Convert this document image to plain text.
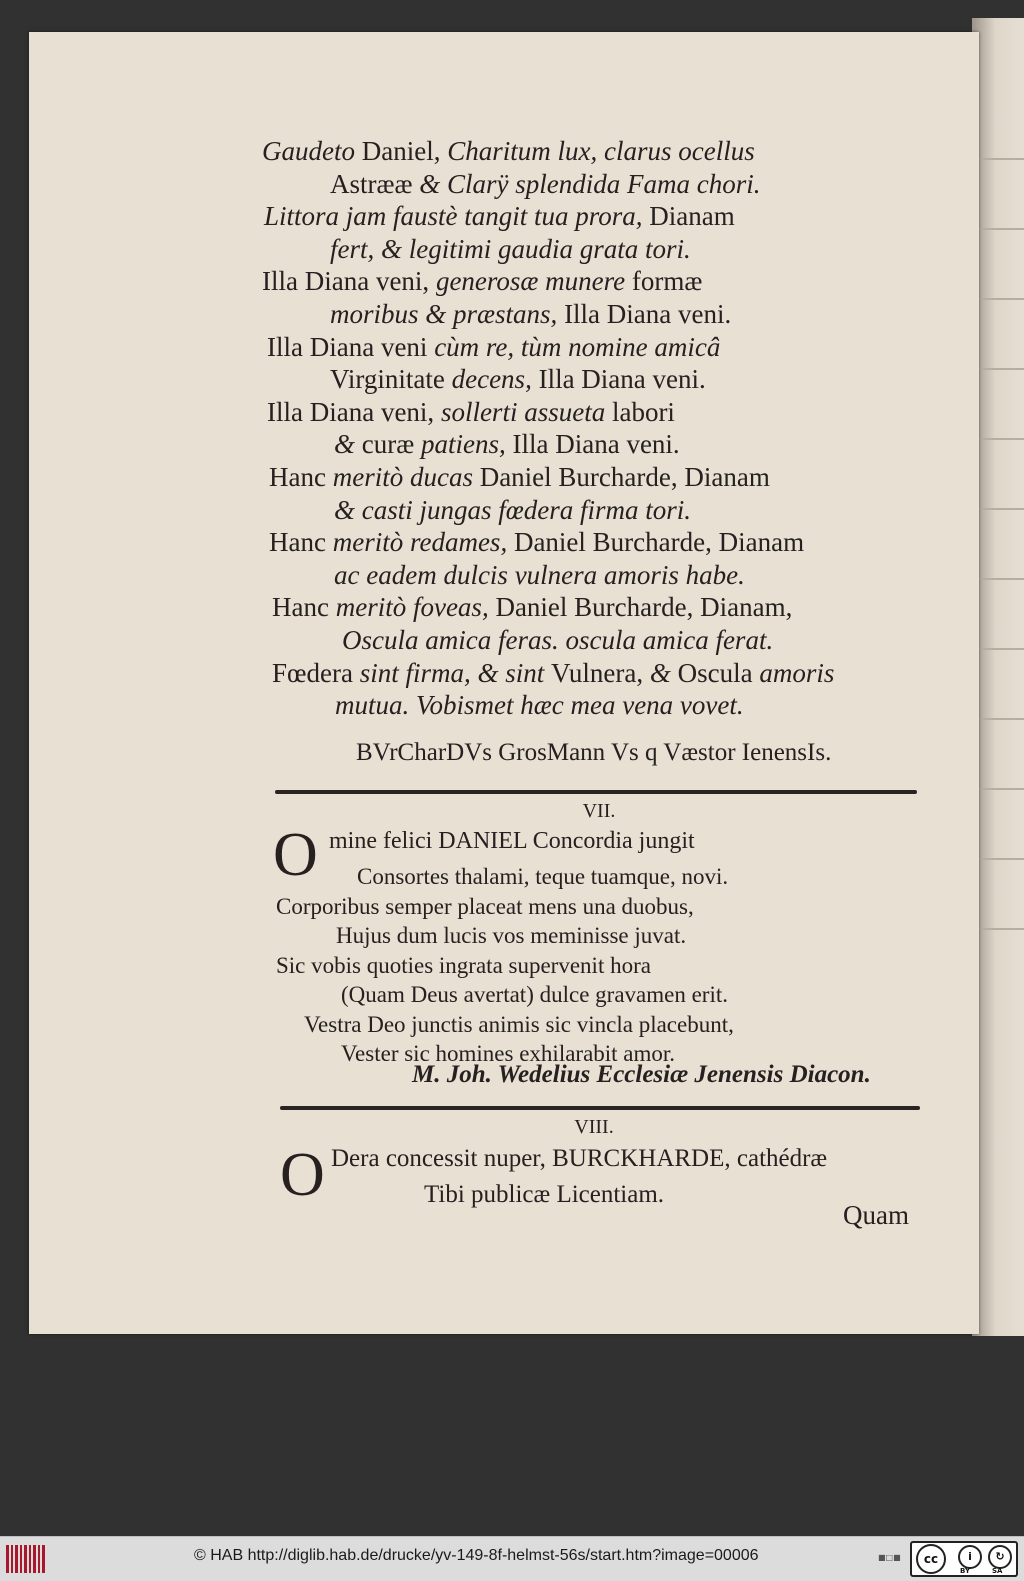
Gaudeto Daniel, Charitum lux, clarus ocellus
Astrææ & Clarÿ splendida Fama chori.
Littora jam faustè tangit tua prora, Dianam
fert, & legitimi gaudia grata tori.
Illa Diana veni, generosæ munere formæ
moribus & præstans, Illa Diana veni.
Illa Diana veni cùm re, tùm nomine amicâ
Virginitate decens, Illa Diana veni.
Illa Diana veni, sollerti assueta labori
& curæ patiens, Illa Diana veni.
Hanc meritò ducas Daniel Burcharde, Dianam
& casti jungas fœdera firma tori.
Hanc meritò redames, Daniel Burcharde, Dianam
ac eadem dulcis vulnera amoris habe.
Hanc meritò foveas, Daniel Burcharde, Dianam,
Oscula amica feras. oscula amica ferat.
Fœdera sint firma, & sint Vulnera, & Oscula amoris
mutua. Vobismet hæc mea vena vovet.
BVrCharDVs GrosMann Vs q Væstor IenensIs.
VII.
O mine felici DANIEL Concordia jungit
Consortes thalami, teque tuamque, novi.
Corporibus semper placeat mens una duobus,
Hujus dum lucis vos meminisse juvat.
Sic vobis quoties ingrata supervenit hora
(Quam Deus avertat) dulce gravamen erit.
Vestra Deo junctis animis sic vincla placebunt,
Vester sic homines exhilarabit amor.
M. Joh. Wedelius Ecclesiæ Jenensis Diacon.
VIII.
O Dera concessit nuper, BURCKHARDE, cathédræ
Tibi publicæ Licentiam.
Quam
© HAB http://diglib.hab.de/drucke/yv-149-8f-helmst-56s/start.htm?image=00006	■□■	cc	i	↻
BY	SA
